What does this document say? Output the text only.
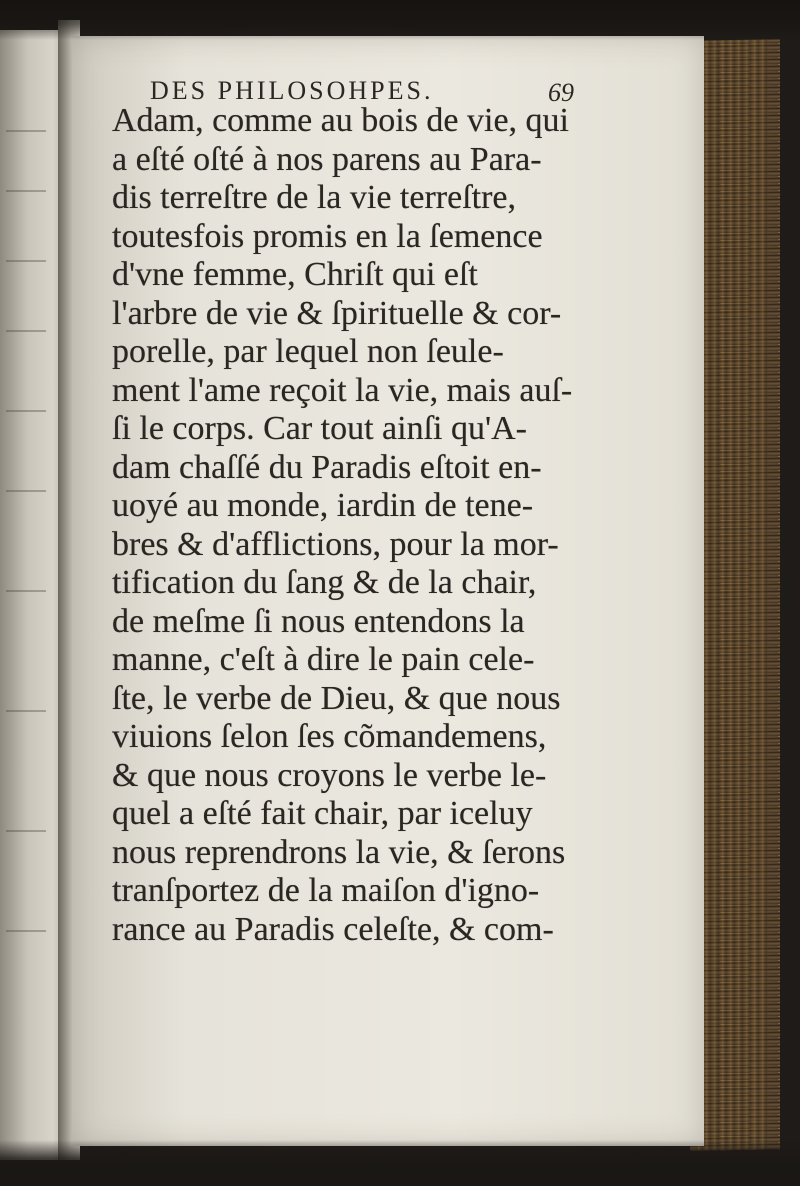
DES PHILOSOHPES.	69
Adam, comme au bois de vie, qui
a eſté oſté à nos parens au Para-
dis terreſtre de la vie terreſtre,
toutesfois promis en la ſemence
d'vne femme, Chriſt qui eſt
l'arbre de vie & ſpirituelle & cor-
porelle, par lequel non ſeule-
ment l'ame reçoit la vie, mais auſ-
ſi le corps. Car tout ainſi qu'A-
dam chaſſé du Paradis eſtoit en-
uoyé au monde, iardin de tene-
bres & d'afflictions, pour la mor-
tification du ſang & de la chair,
de meſme ſi nous entendons la
manne, c'eſt à dire le pain cele-
ſte, le verbe de Dieu, & que nous
viuions ſelon ſes cõmandemens,
& que nous croyons le verbe le-
quel a eſté fait chair, par iceluy
nous reprendrons la vie, & ſerons
tranſportez de la maiſon d'igno-
rance au Paradis celeſte, & com-
